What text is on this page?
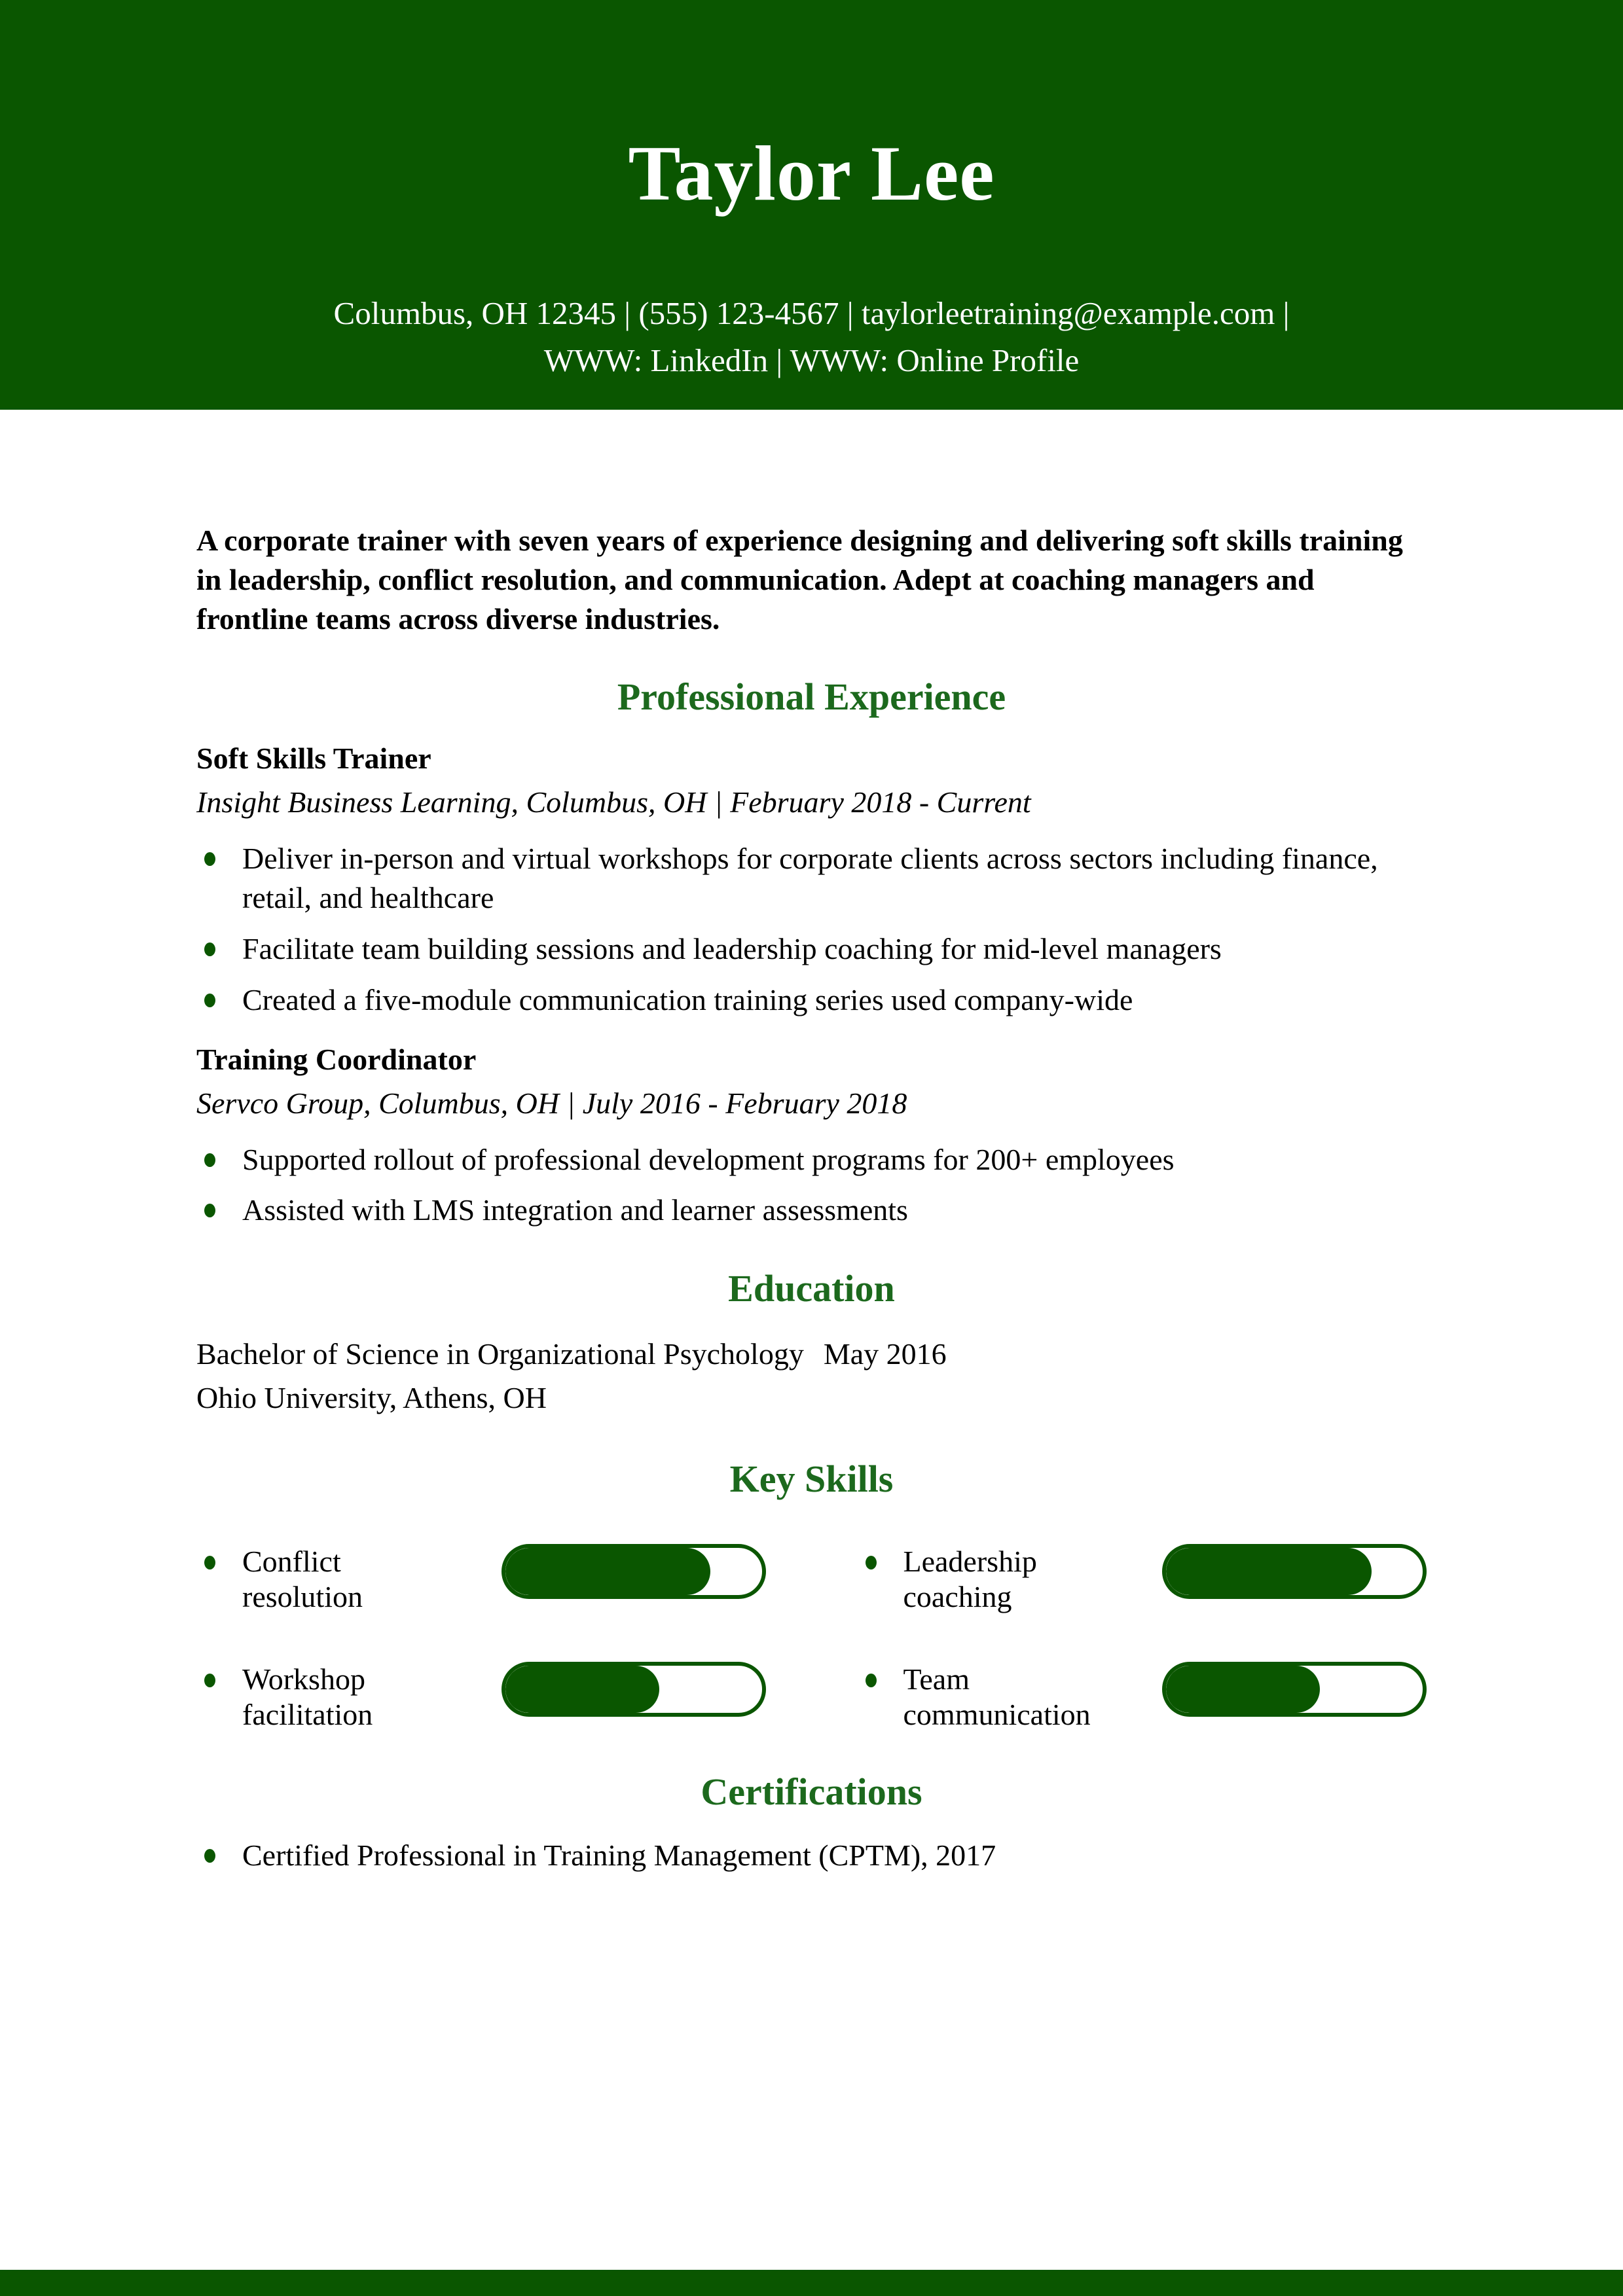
Taylor Lee
Columbus, OH 12345 | (555) 123-4567 | taylorleetraining@example.com |
WWW: LinkedIn | WWW: Online Profile
A corporate trainer with seven years of experience designing and delivering soft skills training in leadership, conflict resolution, and communication. Adept at coaching managers and frontline teams across diverse industries.
Professional Experience
Soft Skills Trainer
Insight Business Learning, Columbus, OH | February 2018 - Current
Deliver in-person and virtual workshops for corporate clients across sectors including finance, retail, and healthcare
Facilitate team building sessions and leadership coaching for mid-level managers
Created a five-module communication training series used company-wide
Training Coordinator
Servco Group, Columbus, OH | July 2016 - February 2018
Supported rollout of professional development programs for 200+ employees
Assisted with LMS integration and learner assessments
Education
Bachelor of Science in Organizational Psychology May 2016
Ohio University, Athens, OH
Key Skills
Conflict resolution
Leadership coaching
Workshop facilitation
Team communication
Certifications
Certified Professional in Training Management (CPTM), 2017
